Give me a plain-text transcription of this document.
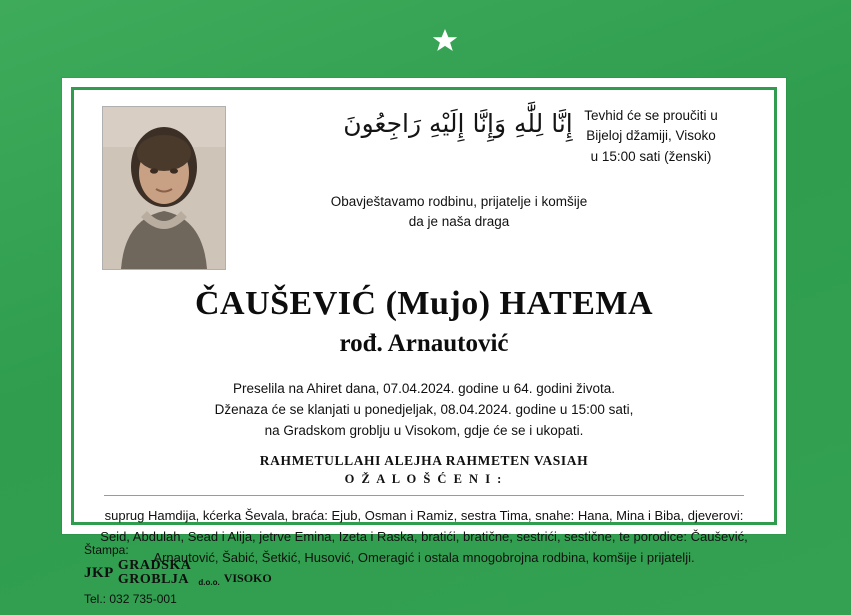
إِنَّا لِلَّٰهِ وَإِنَّا إِلَيْهِ رَاجِعُونَ
Obavještavamo rodbinu, prijatelje i komšije
da je naša draga
Tevhid će se proučiti u
Bijeloj džamiji, Visoko
u 15:00 sati (ženski)
ČAUŠEVIĆ (Mujo) HATEMA
rođ. Arnautović
Preselila na Ahiret dana, 07.04.2024. godine u 64. godini života.
Dženaza će se klanjati u ponedjeljak, 08.04.2024. godine u 15:00 sati,
na Gradskom groblju u Visokom, gdje će se i ukopati.
RAHMETULLAHI ALEJHA RAHMETEN VASIAH
O Ž A L O Š Ć E N I :
suprug Hamdija, kćerka Ševala, braća: Ejub, Osman i Ramiz, sestra Tima, snahe: Hana, Mina i Biba, djeverovi:
Seid, Abdulah, Sead i Alija, jetrve Emina, Izeta i Raska, bratići, bratične, sestrići, sestične, te porodice: Čaušević,
Arnautović, Šabić, Šetkić, Husović, Omeragić i ostala mnogobrojna rodbina, komšije i prijatelji.
Štampa:
JKP GRADSKA
GROBLJA d.o.o. VISOKO
Tel.: 032 735-001
